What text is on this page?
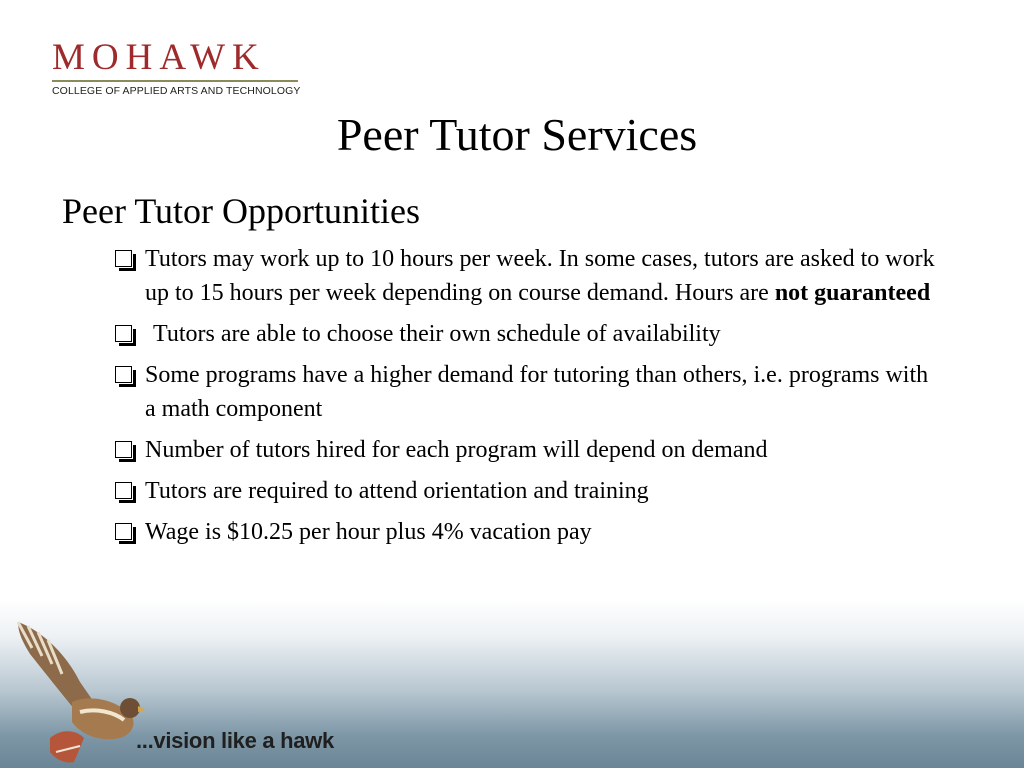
MOHAWK
COLLEGE OF APPLIED ARTS AND TECHNOLOGY
Peer Tutor Services
Peer Tutor Opportunities
Tutors may work up to 10 hours per week. In some cases, tutors are asked to work up to 15 hours per week depending on course demand. Hours are not guaranteed
Tutors are able to choose their own schedule of availability
Some programs have a higher demand for tutoring than others, i.e. programs with a math component
Number of tutors hired for each program will depend on demand
Tutors are required to attend orientation and training
Wage is $10.25 per hour plus 4% vacation pay
...vision like a hawk
